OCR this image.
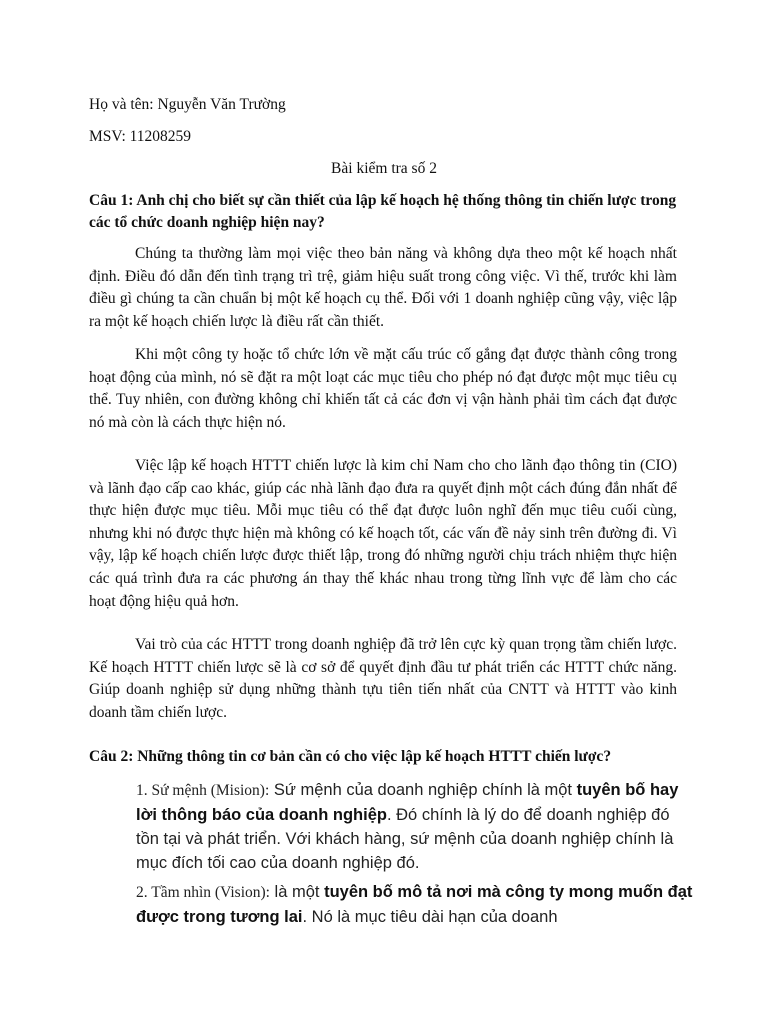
Họ và tên: Nguyễn Văn Trường
MSV: 11208259
Bài kiểm tra số 2
Câu 1: Anh chị cho biết sự cần thiết của lập kế hoạch hệ thống thông tin chiến lược trong các tổ chức doanh nghiệp hiện nay?
Chúng ta thường làm mọi việc theo bản năng và không dựa theo một kế hoạch nhất định. Điều đó dẫn đến tình trạng trì trệ, giảm hiệu suất trong công việc. Vì thế, trước khi làm điều gì chúng ta cần chuẩn bị một kế hoạch cụ thể. Đối với 1 doanh nghiệp cũng vậy, việc lập ra một kế hoạch chiến lược là điều rất cần thiết.
Khi một công ty hoặc tổ chức lớn về mặt cấu trúc cố gắng đạt được thành công trong hoạt động của mình, nó sẽ đặt ra một loạt các mục tiêu cho phép nó đạt được một mục tiêu cụ thể. Tuy nhiên, con đường không chỉ khiến tất cả các đơn vị vận hành phải tìm cách đạt được nó mà còn là cách thực hiện nó.
Việc lập kế hoạch HTTT chiến lược là kim chỉ Nam cho cho lãnh đạo thông tin (CIO) và lãnh đạo cấp cao khác, giúp các nhà lãnh đạo đưa ra quyết định một cách đúng đắn nhất để thực hiện được mục tiêu. Mỗi mục tiêu có thể đạt được luôn nghĩ đến mục tiêu cuối cùng, nhưng khi nó được thực hiện mà không có kế hoạch tốt, các vấn đề nảy sinh trên đường đi. Vì vậy, lập kế hoạch chiến lược được thiết lập, trong đó những người chịu trách nhiệm thực hiện các quá trình đưa ra các phương án thay thế khác nhau trong từng lĩnh vực để làm cho các hoạt động hiệu quả hơn.
Vai trò của các HTTT trong doanh nghiệp đã trở lên cực kỳ quan trọng tầm chiến lược. Kế hoạch HTTT chiến lược sẽ là cơ sở để quyết định đầu tư phát triển các HTTT chức năng. Giúp doanh nghiệp sử dụng những thành tựu tiên tiến nhất của CNTT và HTTT vào kinh doanh tầm chiến lược.
Câu 2: Những thông tin cơ bản cần có cho việc lập kế hoạch HTTT chiến lược?
1. Sứ mệnh (Mision): Sứ mệnh của doanh nghiệp chính là một tuyên bố hay lời thông báo của doanh nghiệp. Đó chính là lý do để doanh nghiệp đó tồn tại và phát triển. Với khách hàng, sứ mệnh của doanh nghiệp chính là mục đích tối cao của doanh nghiệp đó.
2. Tầm nhìn (Vision): là một tuyên bố mô tả nơi mà công ty mong muốn đạt được trong tương lai. Nó là mục tiêu dài hạn của doanh
